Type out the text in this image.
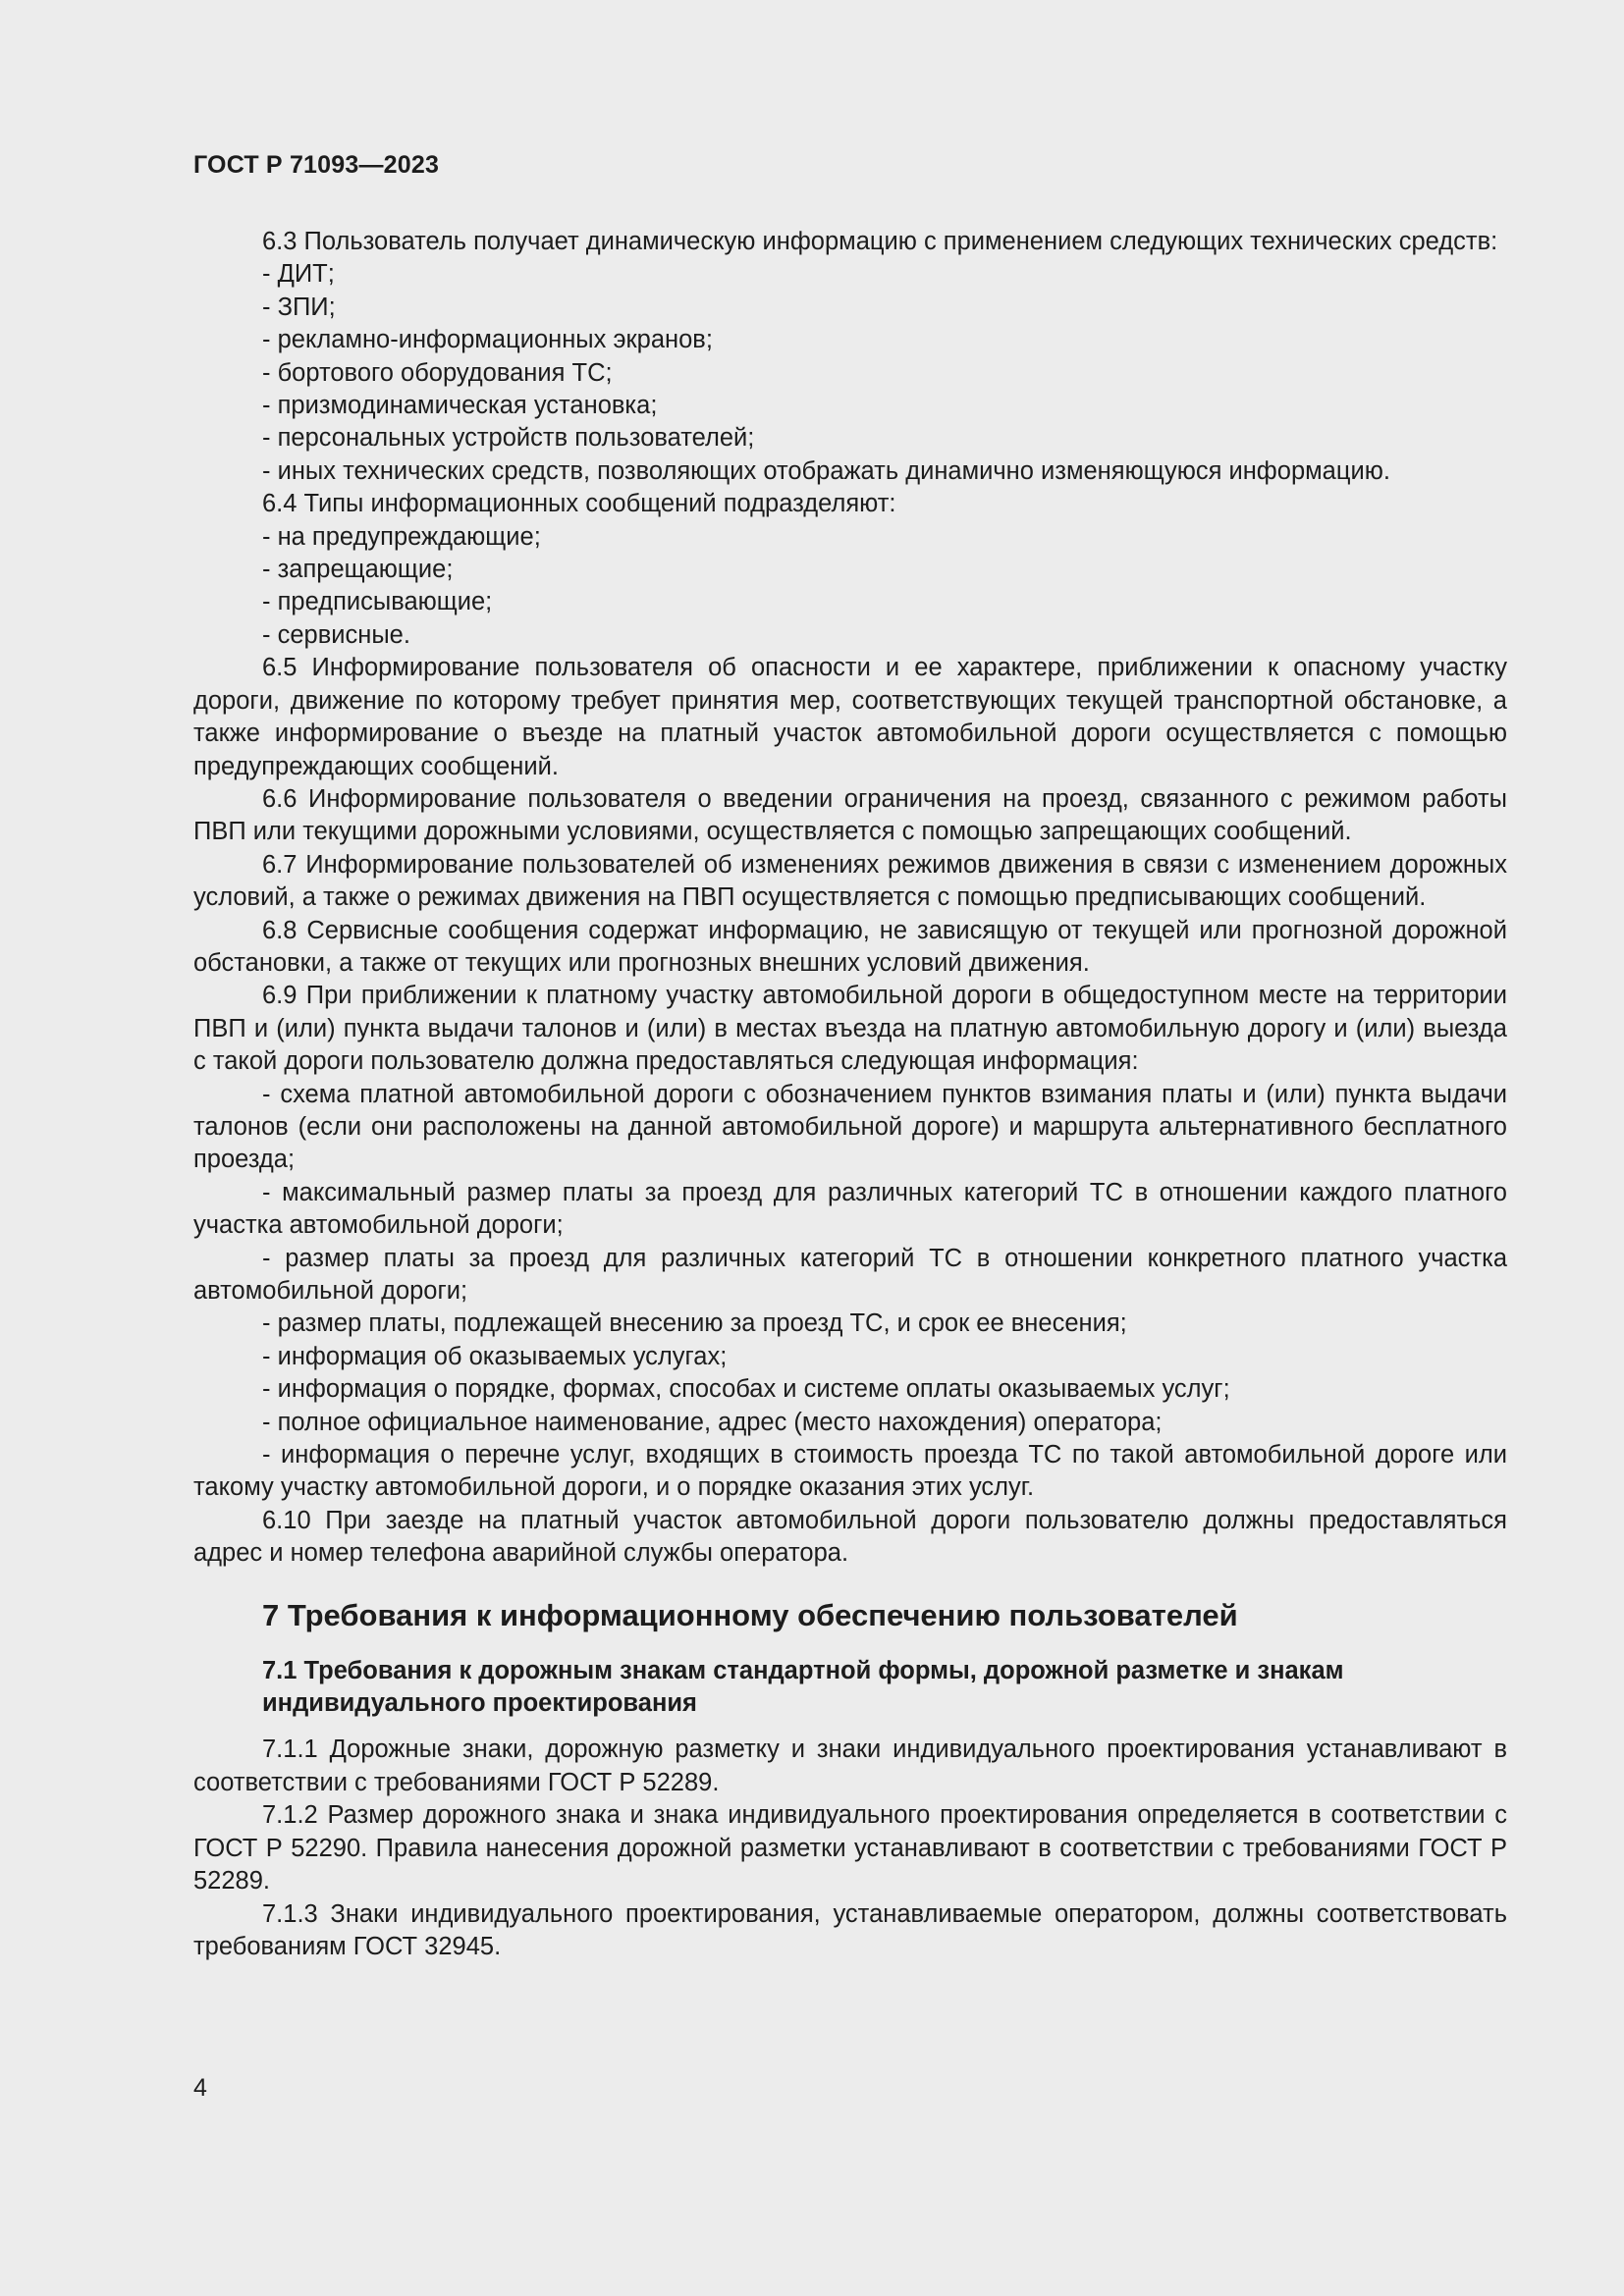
ГОСТ Р 71093—2023

6.3 Пользователь получает динамическую информацию с применением следующих технических средств:

- ДИТ;

- ЗПИ;

- рекламно-информационных экранов;

- бортового оборудования ТС;

- призмодинамическая установка;

- персональных устройств пользователей;

- иных технических средств, позволяющих отображать динамично изменяющуюся информацию.

6.4 Типы информационных сообщений подразделяют:

- на предупреждающие;

- запрещающие;

- предписывающие;

- сервисные.

6.5 Информирование пользователя об опасности и ее характере, приближении к опасному участку дороги, движение по которому требует принятия мер, соответствующих текущей транспортной обстановке, а также информирование о въезде на платный участок автомобильной дороги осуществляется с помощью предупреждающих сообщений.

6.6 Информирование пользователя о введении ограничения на проезд, связанного с режимом работы ПВП или текущими дорожными условиями, осуществляется с помощью запрещающих сообщений.

6.7 Информирование пользователей об изменениях режимов движения в связи с изменением дорожных условий, а также о режимах движения на ПВП осуществляется с помощью предписывающих сообщений.

6.8 Сервисные сообщения содержат информацию, не зависящую от текущей или прогнозной дорожной обстановки, а также от текущих или прогнозных внешних условий движения.

6.9 При приближении к платному участку автомобильной дороги в общедоступном месте на территории ПВП и (или) пункта выдачи талонов и (или) в местах въезда на платную автомобильную дорогу и (или) выезда с такой дороги пользователю должна предоставляться следующая информация:

- схема платной автомобильной дороги с обозначением пунктов взимания платы и (или) пункта выдачи талонов (если они расположены на данной автомобильной дороге) и маршрута альтернативного бесплатного проезда;

- максимальный размер платы за проезд для различных категорий ТС в отношении каждого платного участка автомобильной дороги;

- размер платы за проезд для различных категорий ТС в отношении конкретного платного участка автомобильной дороги;

- размер платы, подлежащей внесению за проезд ТС, и срок ее внесения;

- информация об оказываемых услугах;

- информация о порядке, формах, способах и системе оплаты оказываемых услуг;

- полное официальное наименование, адрес (место нахождения) оператора;

- информация о перечне услуг, входящих в стоимость проезда ТС по такой автомобильной дороге или такому участку автомобильной дороги, и о порядке оказания этих услуг.

6.10 При заезде на платный участок автомобильной дороги пользователю должны предоставляться адрес и номер телефона аварийной службы оператора.

7 Требования к информационному обеспечению пользователей
7.1 Требования к дорожным знакам стандартной формы, дорожной разметке и знакам индивидуального проектирования

7.1.1 Дорожные знаки, дорожную разметку и знаки индивидуального проектирования устанавливают в соответствии с требованиями ГОСТ Р 52289.

7.1.2 Размер дорожного знака и знака индивидуального проектирования определяется в соответствии с ГОСТ Р 52290. Правила нанесения дорожной разметки устанавливают в соответствии с требованиями ГОСТ Р 52289.

7.1.3 Знаки индивидуального проектирования, устанавливаемые оператором, должны соответствовать требованиям ГОСТ 32945.

4
